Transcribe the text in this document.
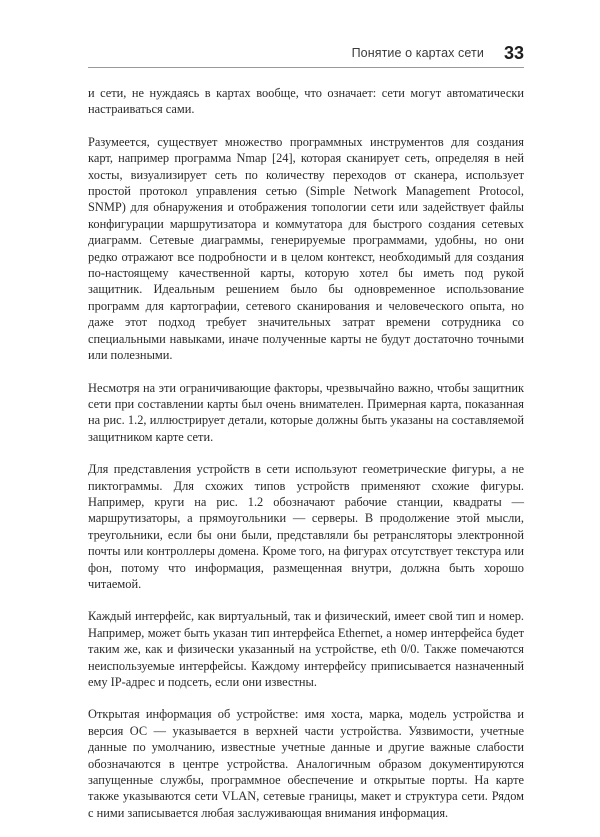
Понятие о картах сети 33

и сети, не нуждаясь в картах вообще, что означает: сети могут автоматически настраиваться сами.

Разумеется, существует множество программных инструментов для создания карт, например программа Nmap [24], которая сканирует сеть, определяя в ней хосты, визуализирует сеть по количеству переходов от сканера, использует простой протокол управления сетью (Simple Network Management Protocol, SNMP) для обнаружения и отображения топологии сети или задействует файлы конфигурации маршрутизатора и коммутатора для быстрого создания сетевых диаграмм. Сетевые диаграммы, генерируемые программами, удобны, но они редко отражают все подробности и в целом контекст, необходимый для создания по-настоящему качественной карты, которую хотел бы иметь под рукой защитник. Идеальным решением было бы одновременное использование программ для картографии, сетевого сканирования и человеческого опыта, но даже этот подход требует значительных затрат времени сотрудника со специальными навыками, иначе полученные карты не будут достаточно точными или полезными.

Несмотря на эти ограничивающие факторы, чрезвычайно важно, чтобы защитник сети при составлении карты был очень внимателен. Примерная карта, показанная на рис. 1.2, иллюстрирует детали, которые должны быть указаны на составляемой защитником карте сети.

Для представления устройств в сети используют геометрические фигуры, а не пиктограммы. Для схожих типов устройств применяют схожие фигуры. Например, круги на рис. 1.2 обозначают рабочие станции, квадраты — маршрутизаторы, а прямоугольники — серверы. В продолжение этой мысли, треугольники, если бы они были, представляли бы ретрансляторы электронной почты или контроллеры домена. Кроме того, на фигурах отсутствует текстура или фон, потому что информация, размещенная внутри, должна быть хорошо читаемой.

Каждый интерфейс, как виртуальный, так и физический, имеет свой тип и номер. Например, может быть указан тип интерфейса Ethernet, а номер интерфейса будет таким же, как и физически указанный на устройстве, eth 0/0. Также помечаются неиспользуемые интерфейсы. Каждому интерфейсу приписывается назначенный ему IP-адрес и подсеть, если они известны.

Открытая информация об устройстве: имя хоста, марка, модель устройства и версия ОС — указывается в верхней части устройства. Уязвимости, учетные данные по умолчанию, известные учетные данные и другие важные слабости обозначаются в центре устройства. Аналогичным образом документируются запущенные службы, программное обеспечение и открытые порты. На карте также указываются сети VLAN, сетевые границы, макет и структура сети. Рядом с ними записывается любая заслуживающая внимания информация.
